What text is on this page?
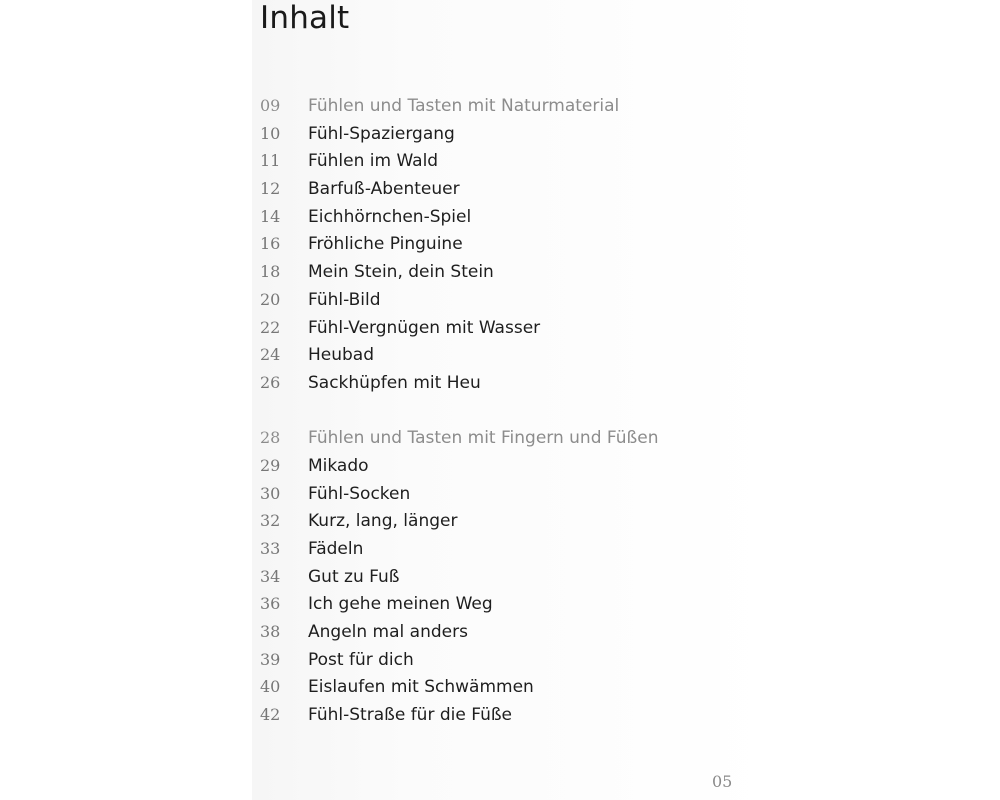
Inhalt
09	Fühlen und Tasten mit Naturmaterial
10	Fühl-Spaziergang
11	Fühlen im Wald
12	Barfuß-Abenteuer
14	Eichhörnchen-Spiel
16	Fröhliche Pinguine
18	Mein Stein, dein Stein
20	Fühl-Bild
22	Fühl-Vergnügen mit Wasser
24	Heubad
26	Sackhüpfen mit Heu
28	Fühlen und Tasten mit Fingern und Füßen
29	Mikado
30	Fühl-Socken
32	Kurz, lang, länger
33	Fädeln
34	Gut zu Fuß
36	Ich gehe meinen Weg
38	Angeln mal anders
39	Post für dich
40	Eislaufen mit Schwämmen
42	Fühl-Straße für die Füße
05
